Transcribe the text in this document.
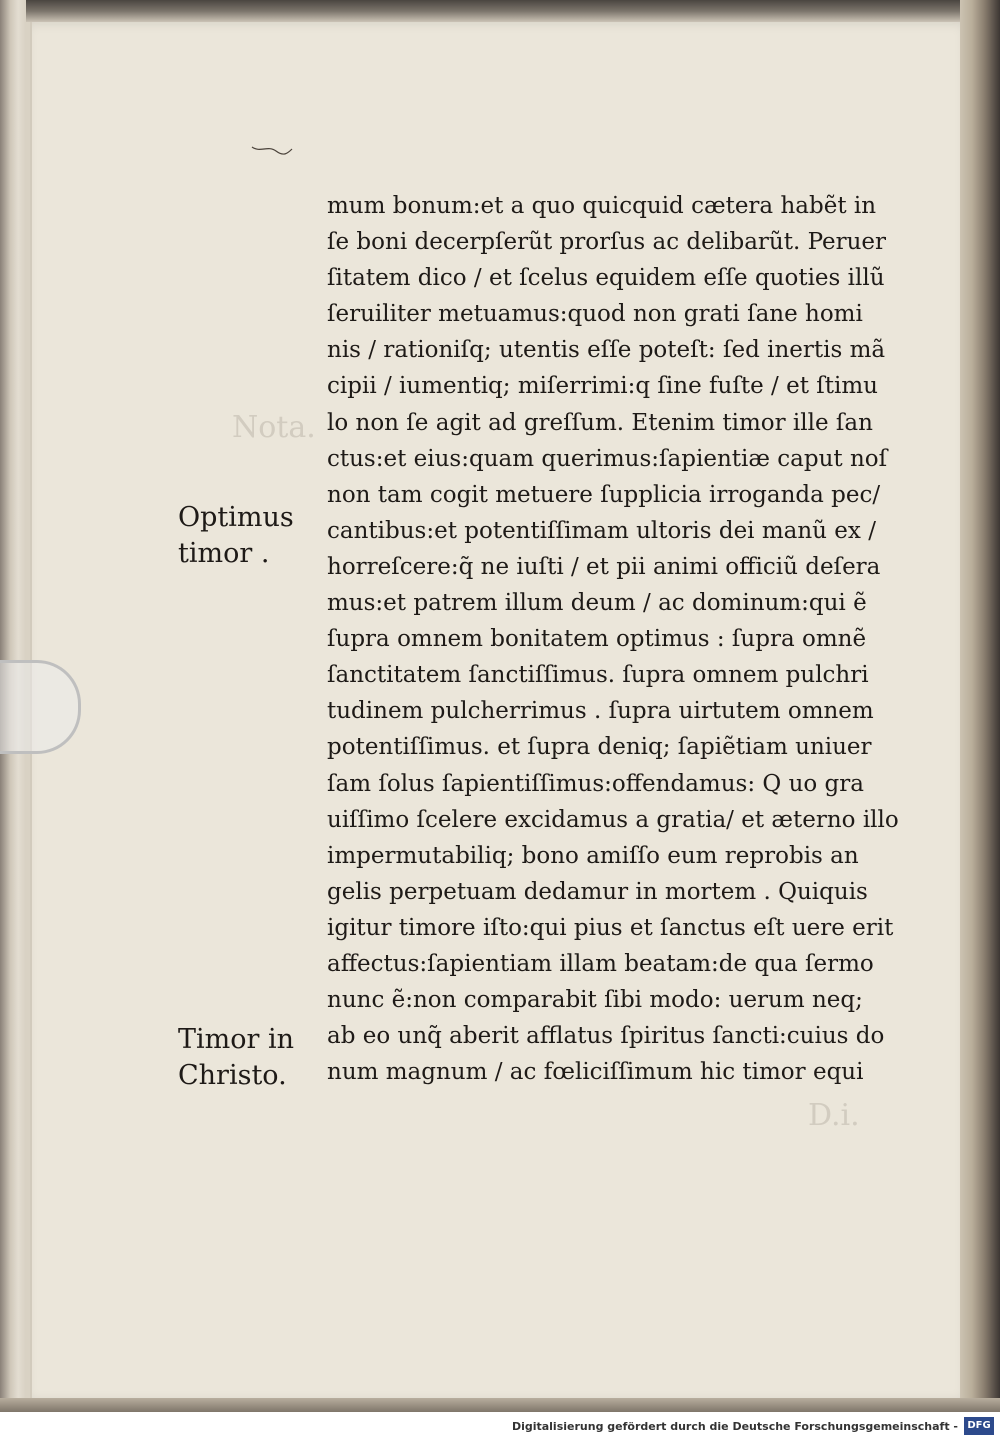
Nota.
D.i.
Optimus
timor .
Timor in
Christo.
mum bonum:et a quo quicquid cætera habẽt in
ſe boni decerpſerũt prorſus ac delibarũt. Peruer
ſitatem dico / et ſcelus equidem eſſe quoties illũ
ſeruiliter metuamus:quod non grati ſane homi
nis / rationiſq; utentis eſſe poteſt: ſed inertis mã
cipii / iumentiq; miſerrimi:q ſine fuſte / et ſtimu
lo non ſe agit ad greſſum. Etenim timor ille ſan
ctus:et eius:quam querimus:ſapientiæ caput noſ
non tam cogit metuere ſupplicia irroganda pec/
cantibus:et potentiſſimam ultoris dei manũ ex /
horreſcere:q̃ ne iuſti / et pii animi officiũ deſera
mus:et patrem illum deum / ac dominum:qui ẽ
ſupra omnem bonitatem optimus : ſupra omnẽ
ſanctitatem ſanctiſſimus. ſupra omnem pulchri
tudinem pulcherrimus . ſupra uirtutem omnem
potentiſſimus. et ſupra deniq; ſapiẽtiam uniuer
ſam ſolus ſapientiſſimus:offendamus: Q uo gra
uiſſimo ſcelere excidamus a gratia/ et æterno illo
impermutabiliq; bono amiſſo eum reprobis an
gelis perpetuam dedamur in mortem . Quiquis
igitur timore iſto:qui pius et ſanctus eſt uere erit
affectus:ſapientiam illam beatam:de qua ſermo
nunc ẽ:non comparabit ſibi modo: uerum neq;
ab eo unq̃ aberit afflatus ſpiritus ſancti:cuius do
num magnum / ac fœliciſſimum hic timor equi
Digitalisierung gefördert durch die Deutsche Forschungsgemeinschaft - DFG
